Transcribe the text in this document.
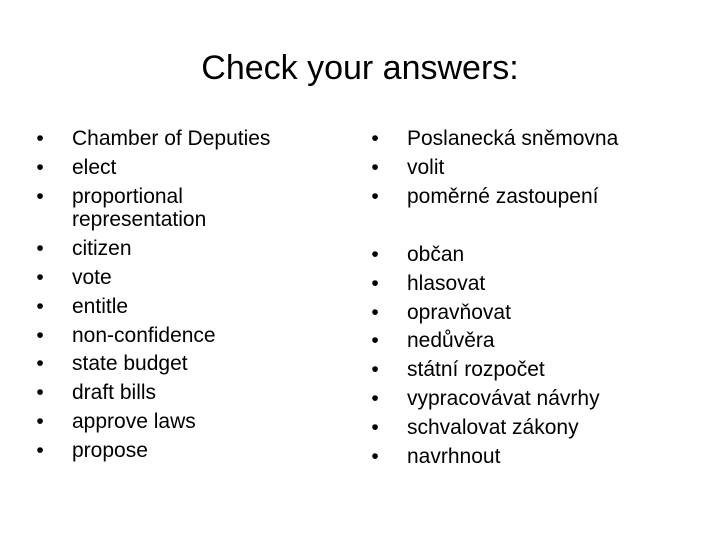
Check your answers:
•	Chamber of Deputies
•	elect
•	proportional
representation
•	citizen
•	vote
•	entitle
•	non-confidence
•	state budget
•	draft bills
•	approve laws
•	propose
•	Poslanecká sněmovna
•	volit
•	poměrné zastoupení
•	občan
•	hlasovat
•	opravňovat
•	nedůvěra
•	státní rozpočet
•	vypracovávat návrhy
•	schvalovat zákony
•	navrhnout
